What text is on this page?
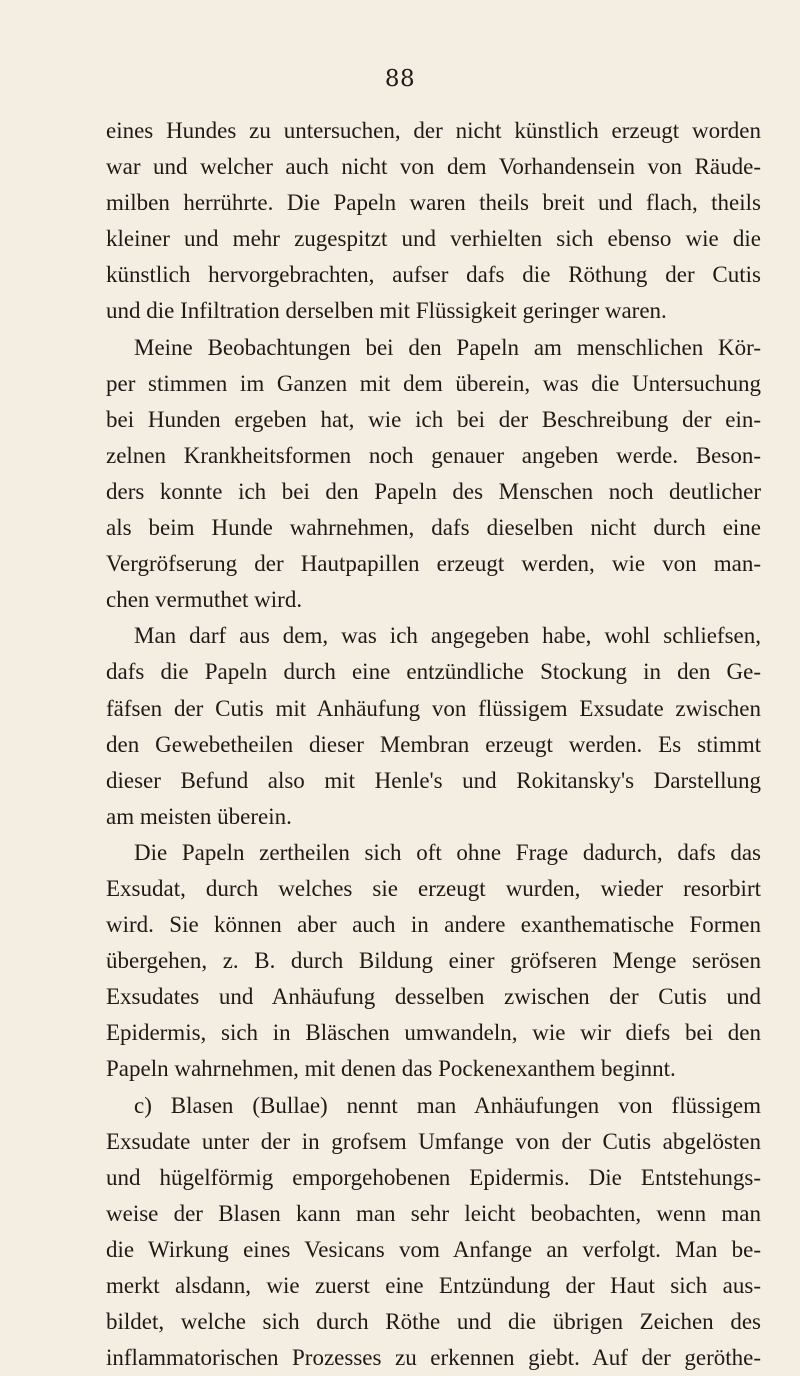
88
eines Hundes zu untersuchen, der nicht künstlich erzeugt worden
war und welcher auch nicht von dem Vorhandensein von Räude-
milben herrührte. Die Papeln waren theils breit und flach, theils
kleiner und mehr zugespitzt und verhielten sich ebenso wie die
künstlich hervorgebrachten, aufser dafs die Röthung der Cutis
und die Infiltration derselben mit Flüssigkeit geringer waren.
Meine Beobachtungen bei den Papeln am menschlichen Kör-
per stimmen im Ganzen mit dem überein, was die Untersuchung
bei Hunden ergeben hat, wie ich bei der Beschreibung der ein-
zelnen Krankheitsformen noch genauer angeben werde. Beson-
ders konnte ich bei den Papeln des Menschen noch deutlicher
als beim Hunde wahrnehmen, dafs dieselben nicht durch eine
Vergröfserung der Hautpapillen erzeugt werden, wie von man-
chen vermuthet wird.
Man darf aus dem, was ich angegeben habe, wohl schliefsen,
dafs die Papeln durch eine entzündliche Stockung in den Ge-
fäfsen der Cutis mit Anhäufung von flüssigem Exsudate zwischen
den Gewebetheilen dieser Membran erzeugt werden. Es stimmt
dieser Befund also mit Henle's und Rokitansky's Darstellung
am meisten überein.
Die Papeln zertheilen sich oft ohne Frage dadurch, dafs das
Exsudat, durch welches sie erzeugt wurden, wieder resorbirt
wird. Sie können aber auch in andere exanthematische Formen
übergehen, z. B. durch Bildung einer gröfseren Menge serösen
Exsudates und Anhäufung desselben zwischen der Cutis und
Epidermis, sich in Bläschen umwandeln, wie wir diefs bei den
Papeln wahrnehmen, mit denen das Pockenexanthem beginnt.
c) Blasen (Bullae) nennt man Anhäufungen von flüssigem
Exsudate unter der in grofsem Umfange von der Cutis abgelösten
und hügelförmig emporgehobenen Epidermis. Die Entstehungs-
weise der Blasen kann man sehr leicht beobachten, wenn man
die Wirkung eines Vesicans vom Anfange an verfolgt. Man be-
merkt alsdann, wie zuerst eine Entzündung der Haut sich aus-
bildet, welche sich durch Röthe und die übrigen Zeichen des
inflammatorischen Prozesses zu erkennen giebt. Auf der geröthe-
